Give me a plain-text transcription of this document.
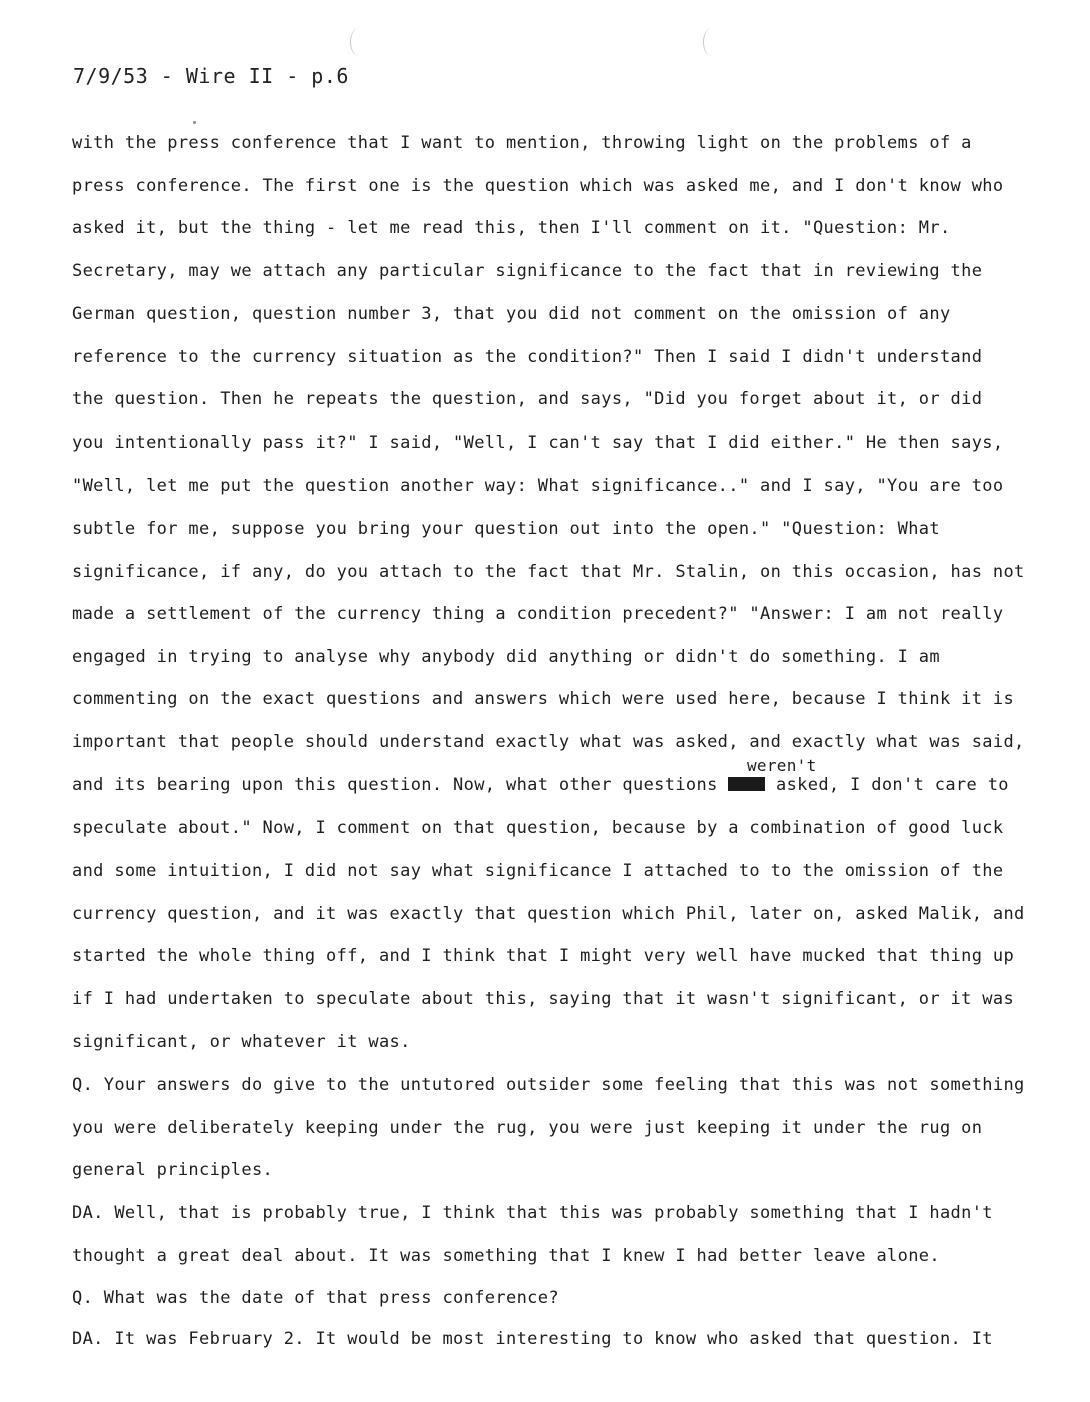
7/9/53 - Wire II - p.6
with the press conference that I want to mention, throwing light on the problems of a
press conference. The first one is the question which was asked me, and I don't know who
asked it, but the thing - let me read this, then I'll comment on it. "Question: Mr.
Secretary, may we attach any particular significance to the fact that in reviewing the
German question, question number 3, that you did not comment on the omission of any
reference to the currency situation as the condition?" Then I said I didn't understand
the question. Then he repeats the question, and says, "Did you forget about it, or did
you intentionally pass it?" I said, "Well, I can't say that I did either." He then says,
"Well, let me put the question another way: What significance.." and I say, "You are too
subtle for me, suppose you bring your question out into the open." "Question: What
significance, if any, do you attach to the fact that Mr. Stalin, on this occasion, has not
made a settlement of the currency thing a condition precedent?" "Answer: I am not really
engaged in trying to analyse why anybody did anything or didn't do something. I am
commenting on the exact questions and answers which were used here, because I think it is
important that people should understand exactly what was asked, and exactly what was said,
weren't
and its bearing upon this question. Now, what other questions xxxx asked, I don't care to
speculate about." Now, I comment on that question, because by a combination of good luck
and some intuition, I did not say what significance I attached to to the omission of the
currency question, and it was exactly that question which Phil, later on, asked Malik, and
started the whole thing off, and I think that I might very well have mucked that thing up
if I had undertaken to speculate about this, saying that it wasn't significant, or it was
significant, or whatever it was.
Q. Your answers do give to the untutored outsider some feeling that this was not something
you were deliberately keeping under the rug, you were just keeping it under the rug on
general principles.
DA. Well, that is probably true, I think that this was probably something that I hadn't
thought a great deal about. It was something that I knew I had better leave alone.
Q. What was the date of that press conference?
DA. It was February 2. It would be most interesting to know who asked that question. It
